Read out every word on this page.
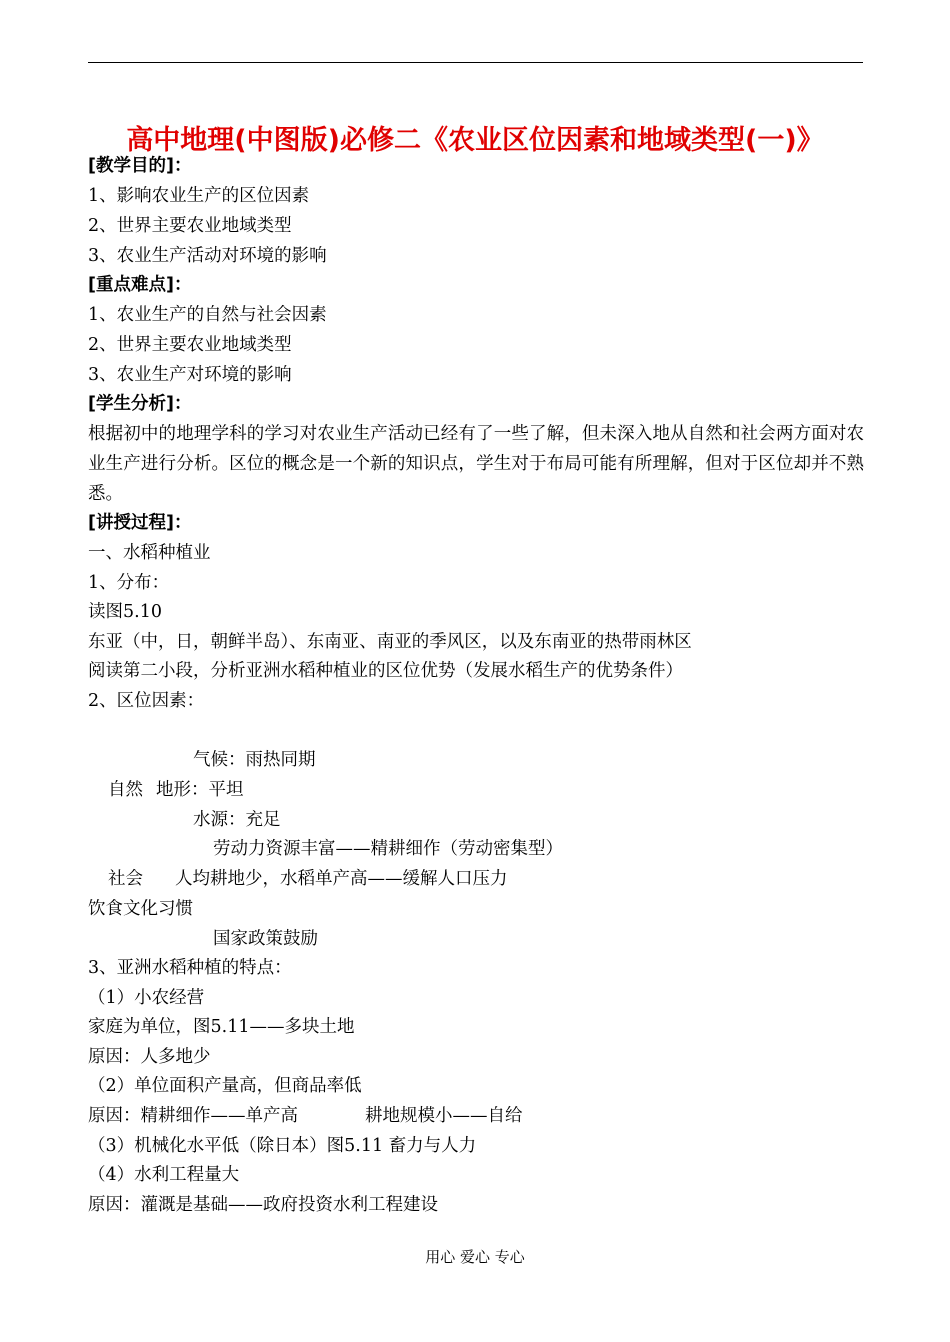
高中地理(中图版)必修二《农业区位因素和地域类型(一)》
[教学目的]：
1、影响农业生产的区位因素
2、世界主要农业地域类型
3、农业生产活动对环境的影响
[重点难点]：
1、农业生产的自然与社会因素
2、世界主要农业地域类型
3、农业生产对环境的影响
[学生分析]：
根据初中的地理学科的学习对农业生产活动已经有了一些了解，但未深入地从自然和社会两方面对农业生产进行分析。区位的概念是一个新的知识点，学生对于布局可能有所理解，但对于区位却并不熟悉。
[讲授过程]：
一、水稻种植业
1、分布：
读图5.10
东亚（中，日，朝鲜半岛）、东南亚、南亚的季风区，以及东南亚的热带雨林区
阅读第二小段，分析亚洲水稻种植业的区位优势（发展水稻生产的优势条件）
2、区位因素：
气候：雨热同期
自然 地形：平坦
水源：充足
劳动力资源丰富——精耕细作（劳动密集型）
社会 人均耕地少，水稻单产高——缓解人口压力
饮食文化习惯
国家政策鼓励
3、亚洲水稻种植的特点：
（1）小农经营
家庭为单位，图5.11——多块土地
原因：人多地少
（2）单位面积产量高，但商品率低
原因：精耕细作——单产高	耕地规模小——自给
（3）机械化水平低（除日本）图5.11 畜力与人力
（4）水利工程量大
原因：灌溉是基础——政府投资水利工程建设
用心 爱心 专心
